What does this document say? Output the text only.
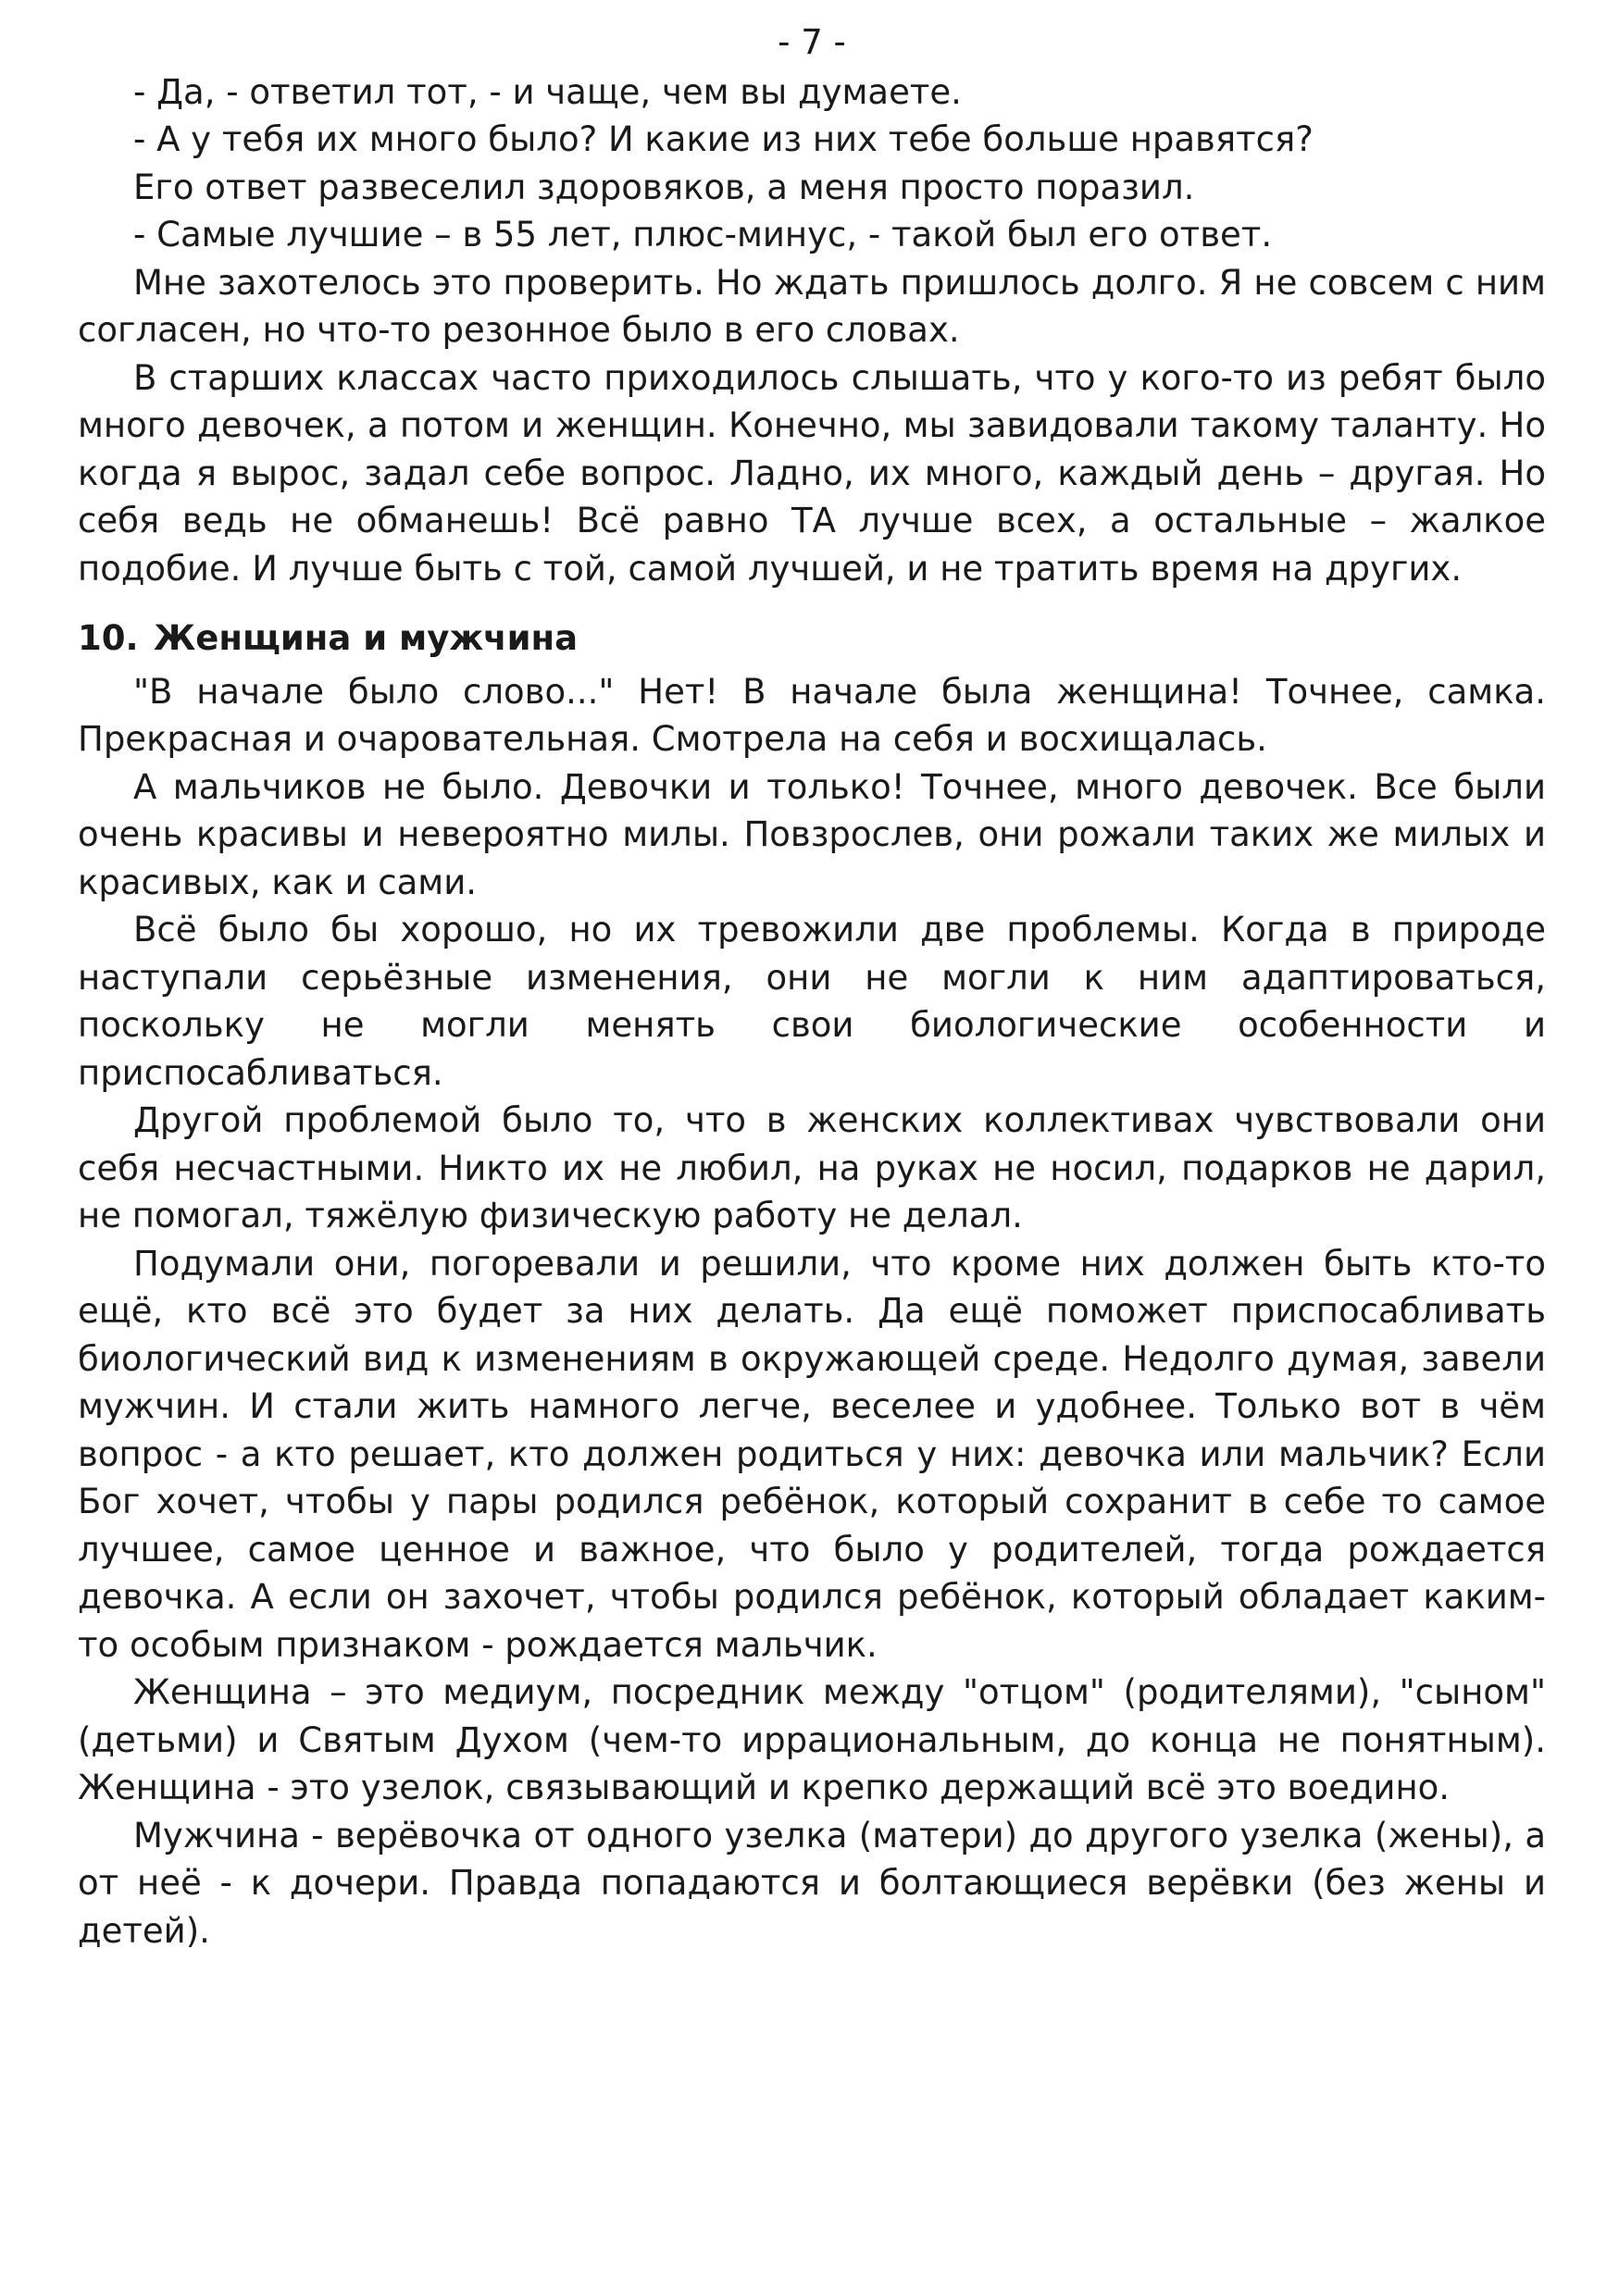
- 7 -

- Да, - ответил тот, - и чаще, чем вы думаете.

- А у тебя их много было? И какие из них тебе больше нравятся?

Его ответ развеселил здоровяков, а меня просто поразил.

- Самые лучшие – в 55 лет, плюс-минус, - такой был его ответ.

Мне захотелось это проверить. Но ждать пришлось долго. Я не совсем с ним согласен, но что-то резонное было в его словах.

В старших классах часто приходилось слышать, что у кого-то из ребят было много девочек, а потом и женщин. Конечно, мы завидовали такому таланту. Но когда я вырос, задал себе вопрос. Ладно, их много, каждый день – другая. Но себя ведь не обманешь! Всё равно ТА лучше всех, а остальные – жалкое подобие. И лучше быть с той, самой лучшей, и не тратить время на других.

10. Женщина и мужчина

"В начале было слово..." Нет! В начале была женщина! Точнее, самка. Прекрасная и очаровательная. Смотрела на себя и восхищалась.

А мальчиков не было. Девочки и только! Точнее, много девочек. Все были очень красивы и невероятно милы. Повзрослев, они рожали таких же милых и красивых, как и сами.

Всё было бы хорошо, но их тревожили две проблемы. Когда в природе наступали серьёзные изменения, они не могли к ним адаптироваться, поскольку не могли менять свои биологические особенности и приспосабливаться.

Другой проблемой было то, что в женских коллективах чувствовали они себя несчастными. Никто их не любил, на руках не носил, подарков не дарил, не помогал, тяжёлую физическую работу не делал.

Подумали они, погоревали и решили, что кроме них должен быть кто-то ещё, кто всё это будет за них делать. Да ещё поможет приспосабливать биологический вид к изменениям в окружающей среде. Недолго думая, завели мужчин. И стали жить намного легче, веселее и удобнее. Только вот в чём вопрос - а кто решает, кто должен родиться у них: девочка или мальчик? Если Бог хочет, чтобы у пары родился ребёнок, который сохранит в себе то самое лучшее, самое ценное и важное, что было у родителей, тогда рождается девочка. А если он захочет, чтобы родился ребёнок, который обладает каким-то особым признаком - рождается мальчик.

Женщина – это медиум, посредник между "отцом" (родителями), "сыном" (детьми) и Святым Духом (чем-то иррациональным, до конца не понятным). Женщина - это узелок, связывающий и крепко держащий всё это воедино.

Мужчина - верёвочка от одного узелка (матери) до другого узелка (жены), а от неё - к дочери. Правда попадаются и болтающиеся верёвки (без жены и детей).
